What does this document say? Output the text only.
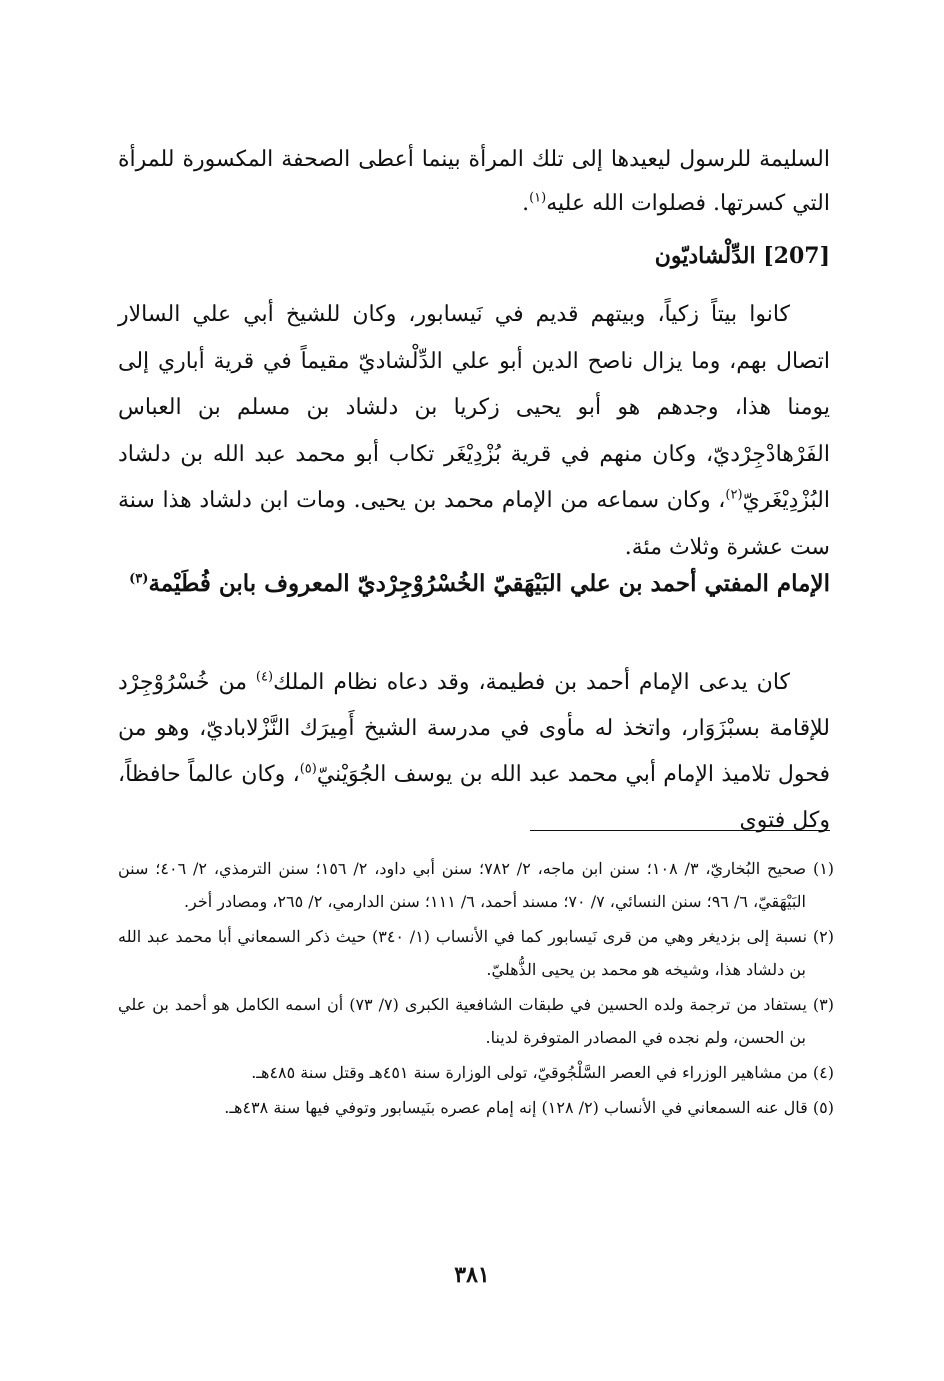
السليمة للرسول ليعيدها إلى تلك المرأة بينما أعطى الصحفة المكسورة للمرأة التي كسرتها. فصلوات الله عليه$^{(١)}$.
[207] الدِّلْشاديّون
كانوا بيتاً زكياً، وبيتهم قديم في نَيسابور، وكان للشيخ أبي علي السالار اتصال بهم، وما يزال ناصح الدين أبو علي الدِّلْشاديّ مقيماً في قرية أباري إلى يومنا هذا، وجدهم هو أبو يحيى زكريا بن دلشاد بن مسلم بن العباس الفَرْهادْجِرْديّ، وكان منهم في قرية بُزْدِيْغَر تكاب أبو محمد عبد الله بن دلشاد البُزْدِيْغَريّ$^{(٢)}$، وكان سماعه من الإمام محمد بن يحيى. ومات ابن دلشاد هذا سنة ست عشرة وثلاث مئة.
الإمام المفتي أحمد بن علي البَيْهَقيّ الخُسْرُوْجِرْديّ المعروف بابن فُطَيْمة$^{(٣)}$
كان يدعى الإمام أحمد بن فطيمة، وقد دعاه نظام الملك$^{(٤)}$ من خُسْرُوْجِرْد للإقامة بسبْزَوَار، واتخذ له مأوى في مدرسة الشيخ أَمِيرَك النَّزْلاباديّ، وهو من فحول تلاميذ الإمام أبي محمد عبد الله بن يوسف الجُوَيْنيّ$^{(٥)}$، وكان عالماً حافظاً، وكل فتوى

(١) صحيح البُخاريّ، ٣/ ١٠٨؛ سنن ابن ماجه، ٢/ ٧٨٢؛ سنن أبي داود، ٢/ ١٥٦؛ سنن الترمذي، ٢/ ٤٠٦؛ سنن البَيْهَقيّ، ٦/ ٩٦؛ سنن النسائي، ٧/ ٧٠؛ مسند أحمد، ٦/ ١١١؛ سنن الدارمي، ٢/ ٢٦٥، ومصادر أخر.

(٢) نسبة إلى بزديغر وهي من قرى نَيسابور كما في الأنساب (١/ ٣٤٠) حيث ذكر السمعاني أبا محمد عبد الله بن دلشاد هذا، وشيخه هو محمد بن يحيى الذُّهليّ.

(٣) يستفاد من ترجمة ولده الحسين في طبقات الشافعية الكبرى (٧/ ٧٣) أن اسمه الكامل هو أحمد بن علي بن الحسن، ولم نجده في المصادر المتوفرة لدينا.

(٤) من مشاهير الوزراء في العصر السَّلْجُوقيّ، تولى الوزارة سنة ٤٥١هـ وقتل سنة ٤٨٥هـ.

(٥) قال عنه السمعاني في الأنساب (٢/ ١٢٨) إنه إمام عصره بنَيسابور وتوفي فيها سنة ٤٣٨هـ.

٣٨١
